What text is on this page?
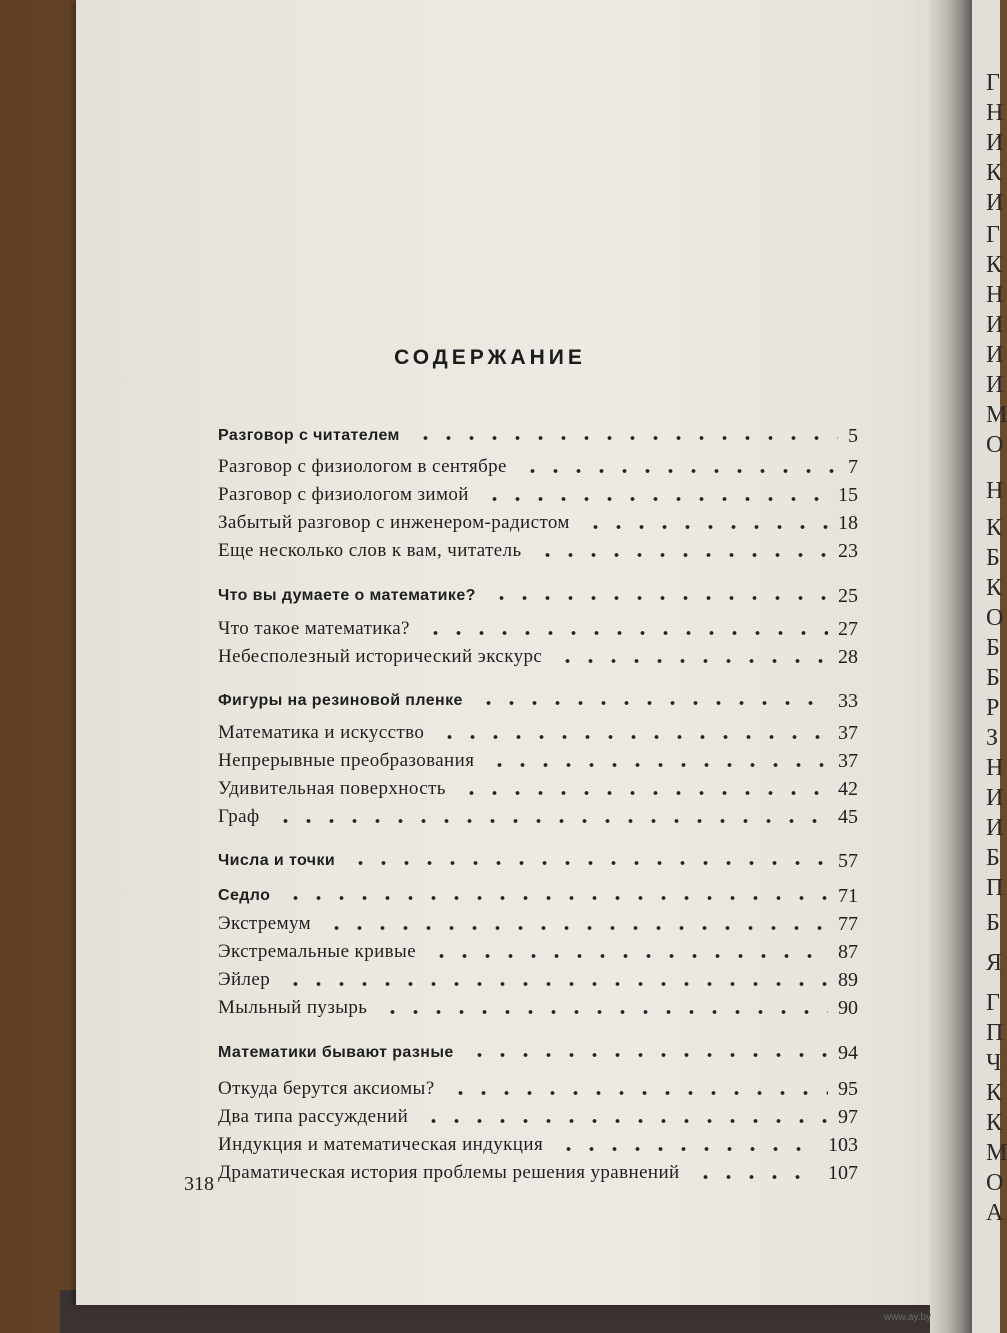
Г
Н
И
К
И
Г
К
Н
И
И
И
М
О
Н
К
Б
К
О
Б
Б
Р
З
Н
И
И
Б
П
Б
Я
Г
П
Ч
К
К
М
О
А
СОДЕРЖАНИЕ
Разговор с читателем	5
Разговор с физиологом в сентябре	7
Разговор с физиологом зимой	15
Забытый разговор с инженером-радистом	18
Еще несколько слов к вам, читатель	23
Что вы думаете о математике?	25
Что такое математика?	27
Небесполезный исторический экскурс	28
Фигуры на резиновой пленке	33
Математика и искусство	37
Непрерывные преобразования	37
Удивительная поверхность	42
Граф	45
Числа и точки	57
Седло	71
Экстремум	77
Экстремальные кривые	87
Эйлер	89
Мыльный пузырь	90
Математики бывают разные	94
Откуда берутся аксиомы?	95
Два типа рассуждений	97
Индукция и математическая индукция	103
Драматическая история проблемы решения уравнений	107
318
www.ay.by
